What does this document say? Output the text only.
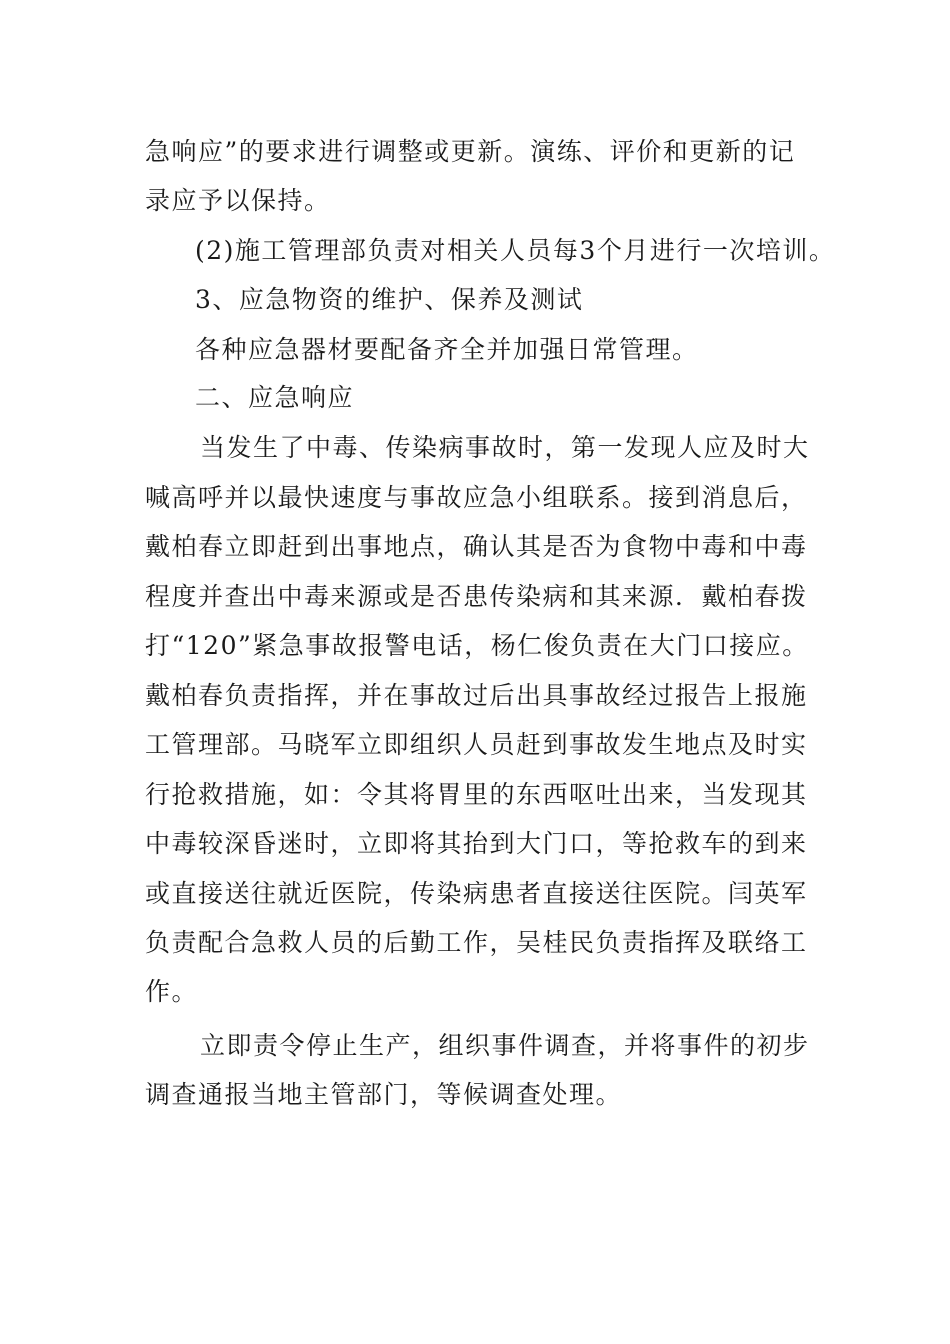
急响应”的要求进行调整或更新。演练、评价和更新的记
录应予以保持。
(2)施工管理部负责对相关人员每3个月进行一次培训。
3、应急物资的维护、保养及测试
各种应急器材要配备齐全并加强日常管理。
二、应急响应
当发生了中毒、传染病事故时，第一发现人应及时大
喊高呼并以最快速度与事故应急小组联系。接到消息后，
戴柏春立即赶到出事地点，确认其是否为食物中毒和中毒
程度并查出中毒来源或是否患传染病和其来源．戴柏春拨
打“120”紧急事故报警电话，杨仁俊负责在大门口接应。
戴柏春负责指挥，并在事故过后出具事故经过报告上报施
工管理部。马晓军立即组织人员赶到事故发生地点及时实
行抢救措施，如：令其将胃里的东西呕吐出来，当发现其
中毒较深昏迷时，立即将其抬到大门口，等抢救车的到来
或直接送往就近医院，传染病患者直接送往医院。闫英军
负责配合急救人员的后勤工作，吴桂民负责指挥及联络工
作。
立即责令停止生产，组织事件调查，并将事件的初步
调查通报当地主管部门，等候调查处理。
